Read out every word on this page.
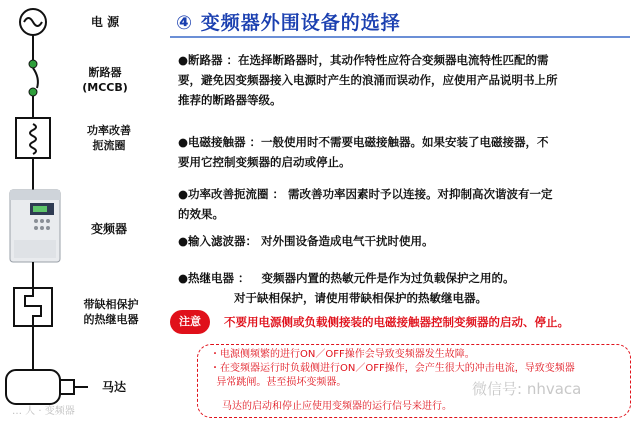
电 源
断路器
(MCCB)
功率改善
扼流圈
变频器
带缺相保护
的热继电器
马达
④ 变频器外围设备的选择
●断路器 ：在选择断路器时，其动作特性应符合变频器电流特性匹配的需
要，避免因变频器接入电源时产生的浪涌而误动作，应使用产品说明书上所
推荐的断路器等级。
●电磁接触器 ：一般使用时不需要电磁接触器。如果安装了电磁接器，不
要用它控制变频器的启动或停止。
●功率改善扼流圈 ： 需改善功率因素时予以连接。对抑制高次谐波有一定
的效果。
●输入滤波器： 对外围设备造成电气干扰时使用。
●热继电器 ：   变频器内置的热敏元件是作为过负载保护之用的。
对于缺相保护，请使用带缺相保护的热敏继电器。
注意	不要用电源侧或负载侧接装的电磁接触器控制变频器的启动、停止。
・电源侧频繁的进行ON／OFF操作会导致变频器发生故障。
・在变频器运行时负载侧进行ON／OFF操作，会产生很大的冲击电流，导致变频器
异常跳闸。甚至损坏变频器。
马达的启动和停止应使用变频器的运行信号来进行。
微信号: nhvaca
… 人 · 变频器
